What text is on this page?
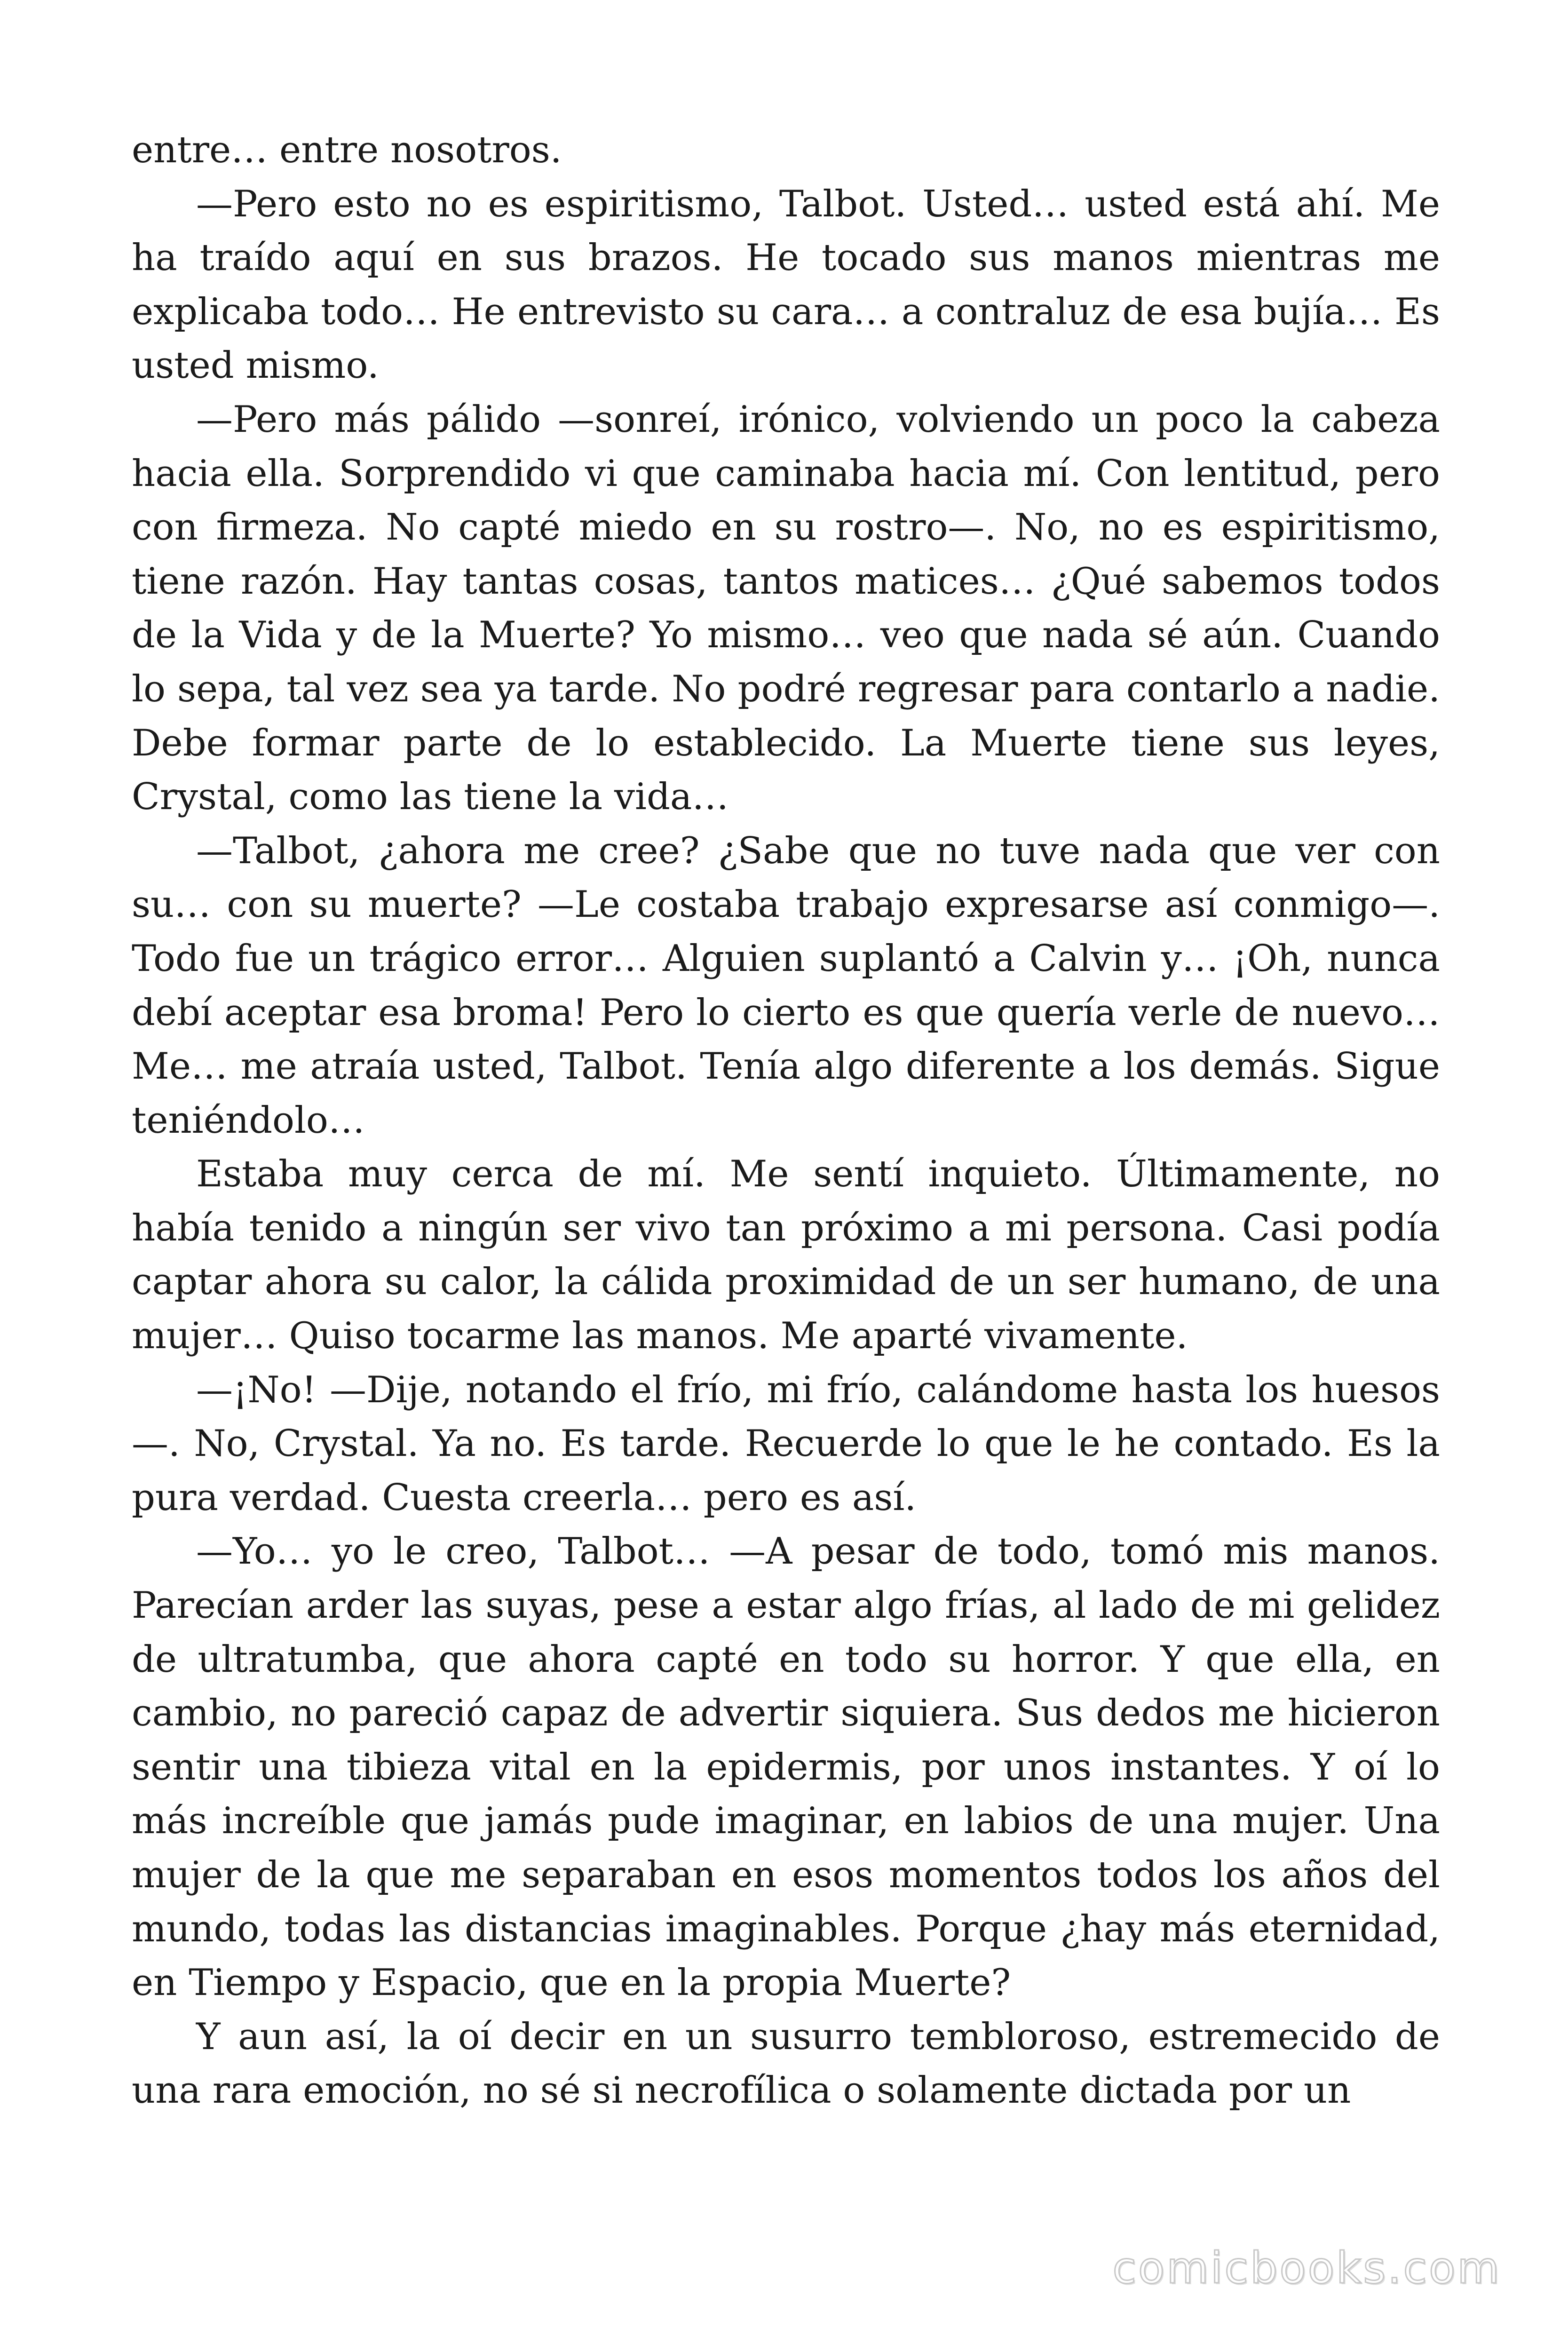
entre… entre nosotros.

—Pero esto no es espiritismo, Talbot. Usted… usted está ahí. Me ha traído aquí en sus brazos. He tocado sus manos mientras me explicaba todo… He entrevisto su cara… a contraluz de esa bujía… Es usted mismo.

—Pero más pálido —sonreí, irónico, volviendo un poco la cabeza hacia ella. Sorprendido vi que caminaba hacia mí. Con lentitud, pero con firmeza. No capté miedo en su rostro—. No, no es espiritismo, tiene razón. Hay tantas cosas, tantos matices… ¿Qué sabemos todos de la Vida y de la Muerte? Yo mismo… veo que nada sé aún. Cuando lo sepa, tal vez sea ya tarde. No podré regresar para contarlo a nadie. Debe formar parte de lo establecido. La Muerte tiene sus leyes, Crystal, como las tiene la vida…

—Talbot, ¿ahora me cree? ¿Sabe que no tuve nada que ver con su… con su muerte? —Le costaba trabajo expresarse así conmigo—. Todo fue un trágico error… Alguien suplantó a Calvin y… ¡Oh, nunca debí aceptar esa broma! Pero lo cierto es que quería verle de nuevo… Me… me atraía usted, Talbot. Tenía algo diferente a los demás. Sigue teniéndolo…

Estaba muy cerca de mí. Me sentí inquieto. Últimamente, no había tenido a ningún ser vivo tan próximo a mi persona. Casi podía captar ahora su calor, la cálida proximidad de un ser humano, de una mujer… Quiso tocarme las manos. Me aparté vivamente.

—¡No! —Dije, notando el frío, mi frío, calándome hasta los huesos—. No, Crystal. Ya no. Es tarde. Recuerde lo que le he contado. Es la pura verdad. Cuesta creerla… pero es así.

—Yo… yo le creo, Talbot… —A pesar de todo, tomó mis manos. Parecían arder las suyas, pese a estar algo frías, al lado de mi gelidez de ultratumba, que ahora capté en todo su horror. Y que ella, en cambio, no pareció capaz de advertir siquiera. Sus dedos me hicieron sentir una tibieza vital en la epidermis, por unos instantes. Y oí lo más increíble que jamás pude imaginar, en labios de una mujer. Una mujer de la que me separaban en esos momentos todos los años del mundo, todas las distancias imaginables. Porque ¿hay más eternidad, en Tiempo y Espacio, que en la propia Muerte?

Y aun así, la oí decir en un susurro tembloroso, estremecido de una rara emoción, no sé si necrofílica o solamente dictada por un

comicbooks.com
